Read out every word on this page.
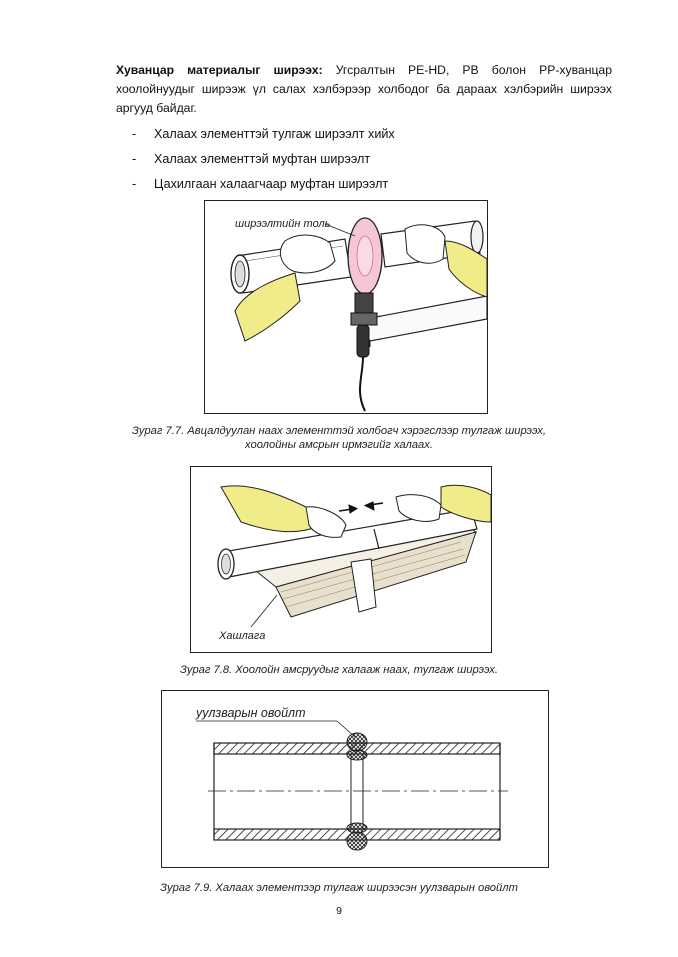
Хуванцар материалыг ширээх: Угсралтын PE-HD, PB болон PP-хуванцар хоолойнуудыг ширээж үл салах хэлбэрээр холбодог ба дараах хэлбэрийн ширээх аргууд байдаг.
- Халаах элементтэй тулгаж ширээлт хийх
- Халаах элементтэй муфтан ширээлт
- Цахилгаан халаагчаар муфтан ширээлт
ширээлтийн толь
Зураг 7.7. Авцалдуулан наах элементтэй холбогч хэрэгслээр тулгаж ширээх,
хоолойны амсрын ирмэгийг халаах.
Хашлага
Зураг 7.8. Хоолойн амсруудыг халааж наах, тулгаж ширээх.
уулзварын овойлт
Зураг 7.9. Халаах элементээр тулгаж ширээсэн уулзварын овойлт
9
